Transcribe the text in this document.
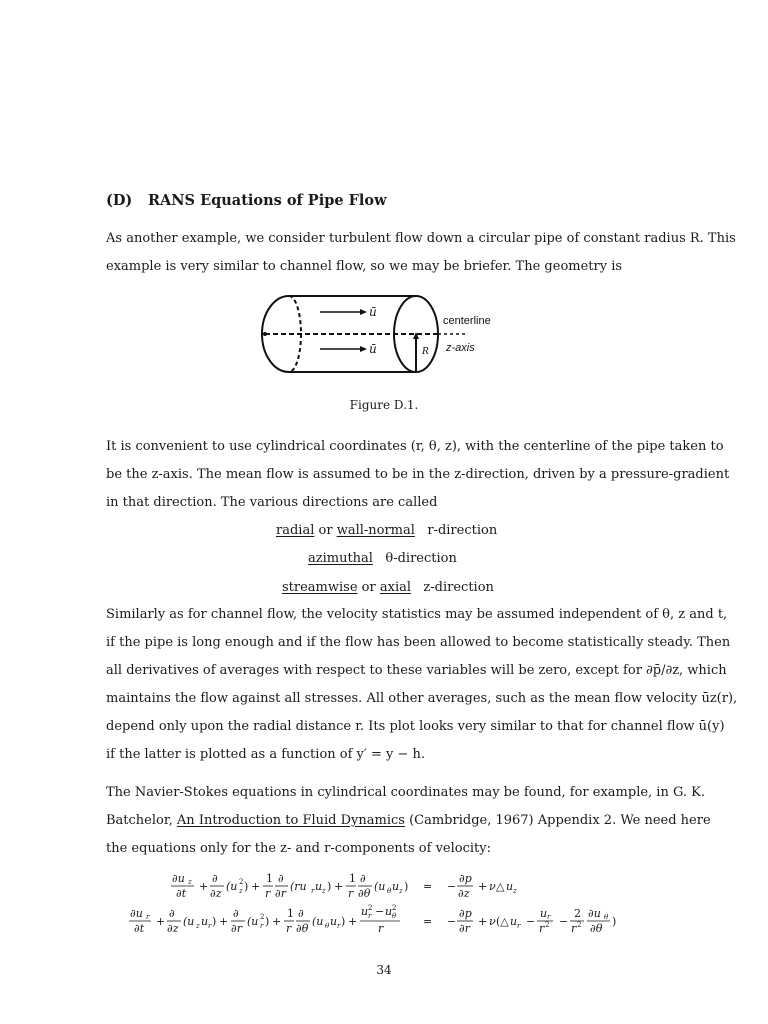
(D) RANS Equations of Pipe Flow
As another example, we consider turbulent flow down a circular pipe of constant radius R. This
example is very similar to channel flow, so we may be briefer. The geometry is
ū
ū
centerline
z-axis
R
Figure D.1.
It is convenient to use cylindrical coordinates (r, θ, z), with the centerline of the pipe taken to
be the z-axis. The mean flow is assumed to be in the z-direction, driven by a pressure-gradient
in that direction. The various directions are called
radial or wall-normal r-direction
azimuthal θ-direction
streamwise or axial z-direction
Similarly as for channel flow, the velocity statistics may be assumed independent of θ, z and t,
if the pipe is long enough and if the flow has been allowed to become statistically steady. Then
all derivatives of averages with respect to these variables will be zero, except for ∂p̄/∂z, which
maintains the flow against all stresses. All other averages, such as the mean flow velocity ūz(r),
depend only upon the radial distance r. Its plot looks very similar to that for channel flow ū(y)
if the latter is plotted as a function of y′ = y − h.
The Navier-Stokes equations in cylindrical coordinates may be found, for example, in G. K.
Batchelor, An Introduction to Fluid Dynamics (Cambridge, 1967) Appendix 2. We need here
the equations only for the z- and r-components of velocity:
∂u z
∂t
+
∂
∂z
(u 2
z ) +
1
r
∂
∂r
(ru r u z ) +
1
r
∂
∂θ
(u θ u z ) = −
∂p
∂z
+ ν △ u z
∂u r
∂t
+
∂
∂z
(u z u r ) +
∂
∂r
(u 2
r ) +
1
r
∂
∂θ
(u θ u r ) +
u 2
r − u 2
θ
r
= −
∂p
∂r
+ ν (△ u r −
u r
r 2 −
2
r 2
∂u θ
∂θ
)
34
